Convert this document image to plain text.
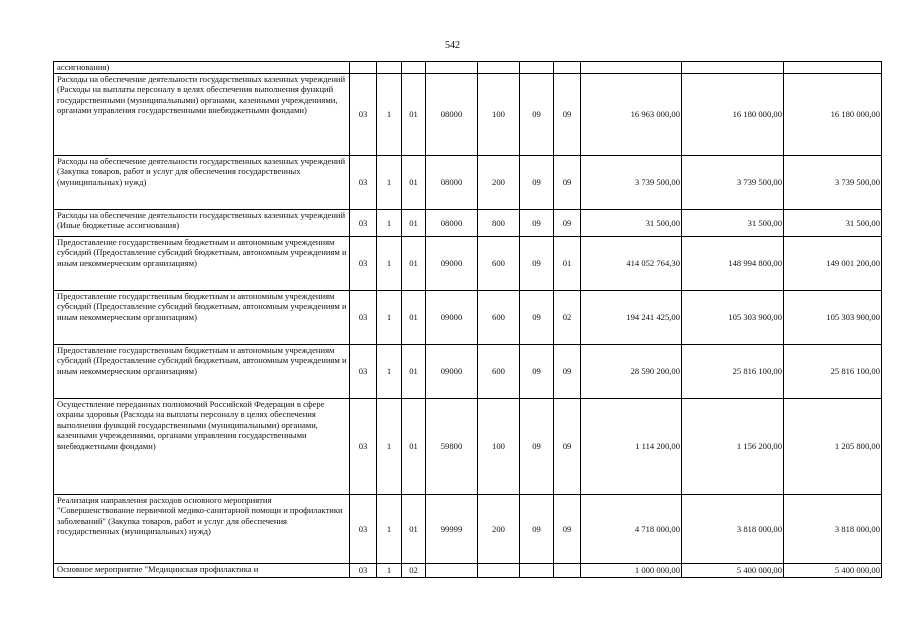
542
ассигнования)										
Расходы на обеспечение деятельности государственных казенных учреждений (Расходы на выплаты персоналу в целях обеспечения выполнения функций государственными (муниципальными) органами, казенными учреждениями, органами управления государственными внебюджетными фондами)	03	1	01	08000	100	09	09	16 963 000,00	16 180 000,00	16 180 000,00
Расходы на обеспечение деятельности государственных казенных учреждений (Закупка товаров, работ и услуг для обеспечения государственных (муниципальных) нужд)	03	1	01	08000	200	09	09	3 739 500,00	3 739 500,00	3 739 500,00
Расходы на обеспечение деятельности государственных казенных учреждений (Иные бюджетные ассигнования)	03	1	01	08000	800	09	09	31 500,00	31 500,00	31 500,00
Предоставление государственным бюджетным и автономным учреждениям субсидий (Предоставление субсидий бюджетным, автономным учреждениям и иным некоммерческим организациям)	03	1	01	09000	600	09	01	414 052 764,30	148 994 800,00	149 001 200,00
Предоставление государственным бюджетным и автономным учреждениям субсидий (Предоставление субсидий бюджетным, автономным учреждениям и иным некоммерческим организациям)	03	1	01	09000	600	09	02	194 241 425,00	105 303 900,00	105 303 900,00
Предоставление государственным бюджетным и автономным учреждениям субсидий (Предоставление субсидий бюджетным, автономным учреждениям и иным некоммерческим организациям)	03	1	01	09000	600	09	09	28 590 200,00	25 816 100,00	25 816 100,00
Осуществление переданных полномочий Российской Федерации в сфере охраны здоровья (Расходы на выплаты персоналу в целях обеспечения выполнения функций государственными (муниципальными) органами, казенными учреждениями, органами управления государственными внебюджетными фондами)	03	1	01	59800	100	09	09	1 114 200,00	1 156 200,00	1 205 800,00
Реализация направления расходов основного мероприятия "Совершенствование первичной медико-санитарной помощи и профилактики заболеваний" (Закупка товаров, работ и услуг для обеспечения государственных (муниципальных) нужд)	03	1	01	99999	200	09	09	4 718 000,00	3 818 000,00	3 818 000,00
Основное мероприятие "Медицинская профилактика и	03	1	02					1 000 000,00	5 400 000,00	5 400 000,00
